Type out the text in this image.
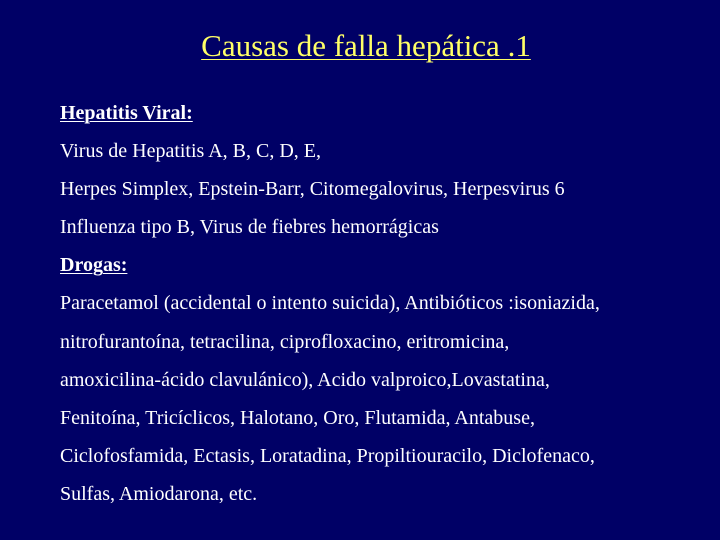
Causas de falla hepática .1
Hepatitis Viral:
Virus de Hepatitis A, B, C, D, E,
Herpes Simplex, Epstein-Barr, Citomegalovirus, Herpesvirus 6
Influenza tipo B, Virus de fiebres hemorrágicas
Drogas:
Paracetamol (accidental o intento suicida), Antibióticos :isoniazida,
nitrofurantoína, tetracilina, ciprofloxacino, eritromicina,
amoxicilina-ácido clavulánico), Acido valproico,Lovastatina,
Fenitoína, Tricíclicos, Halotano, Oro, Flutamida, Antabuse,
Ciclofosfamida, Ectasis, Loratadina, Propiltiouracilo, Diclofenaco,
Sulfas, Amiodarona, etc.
